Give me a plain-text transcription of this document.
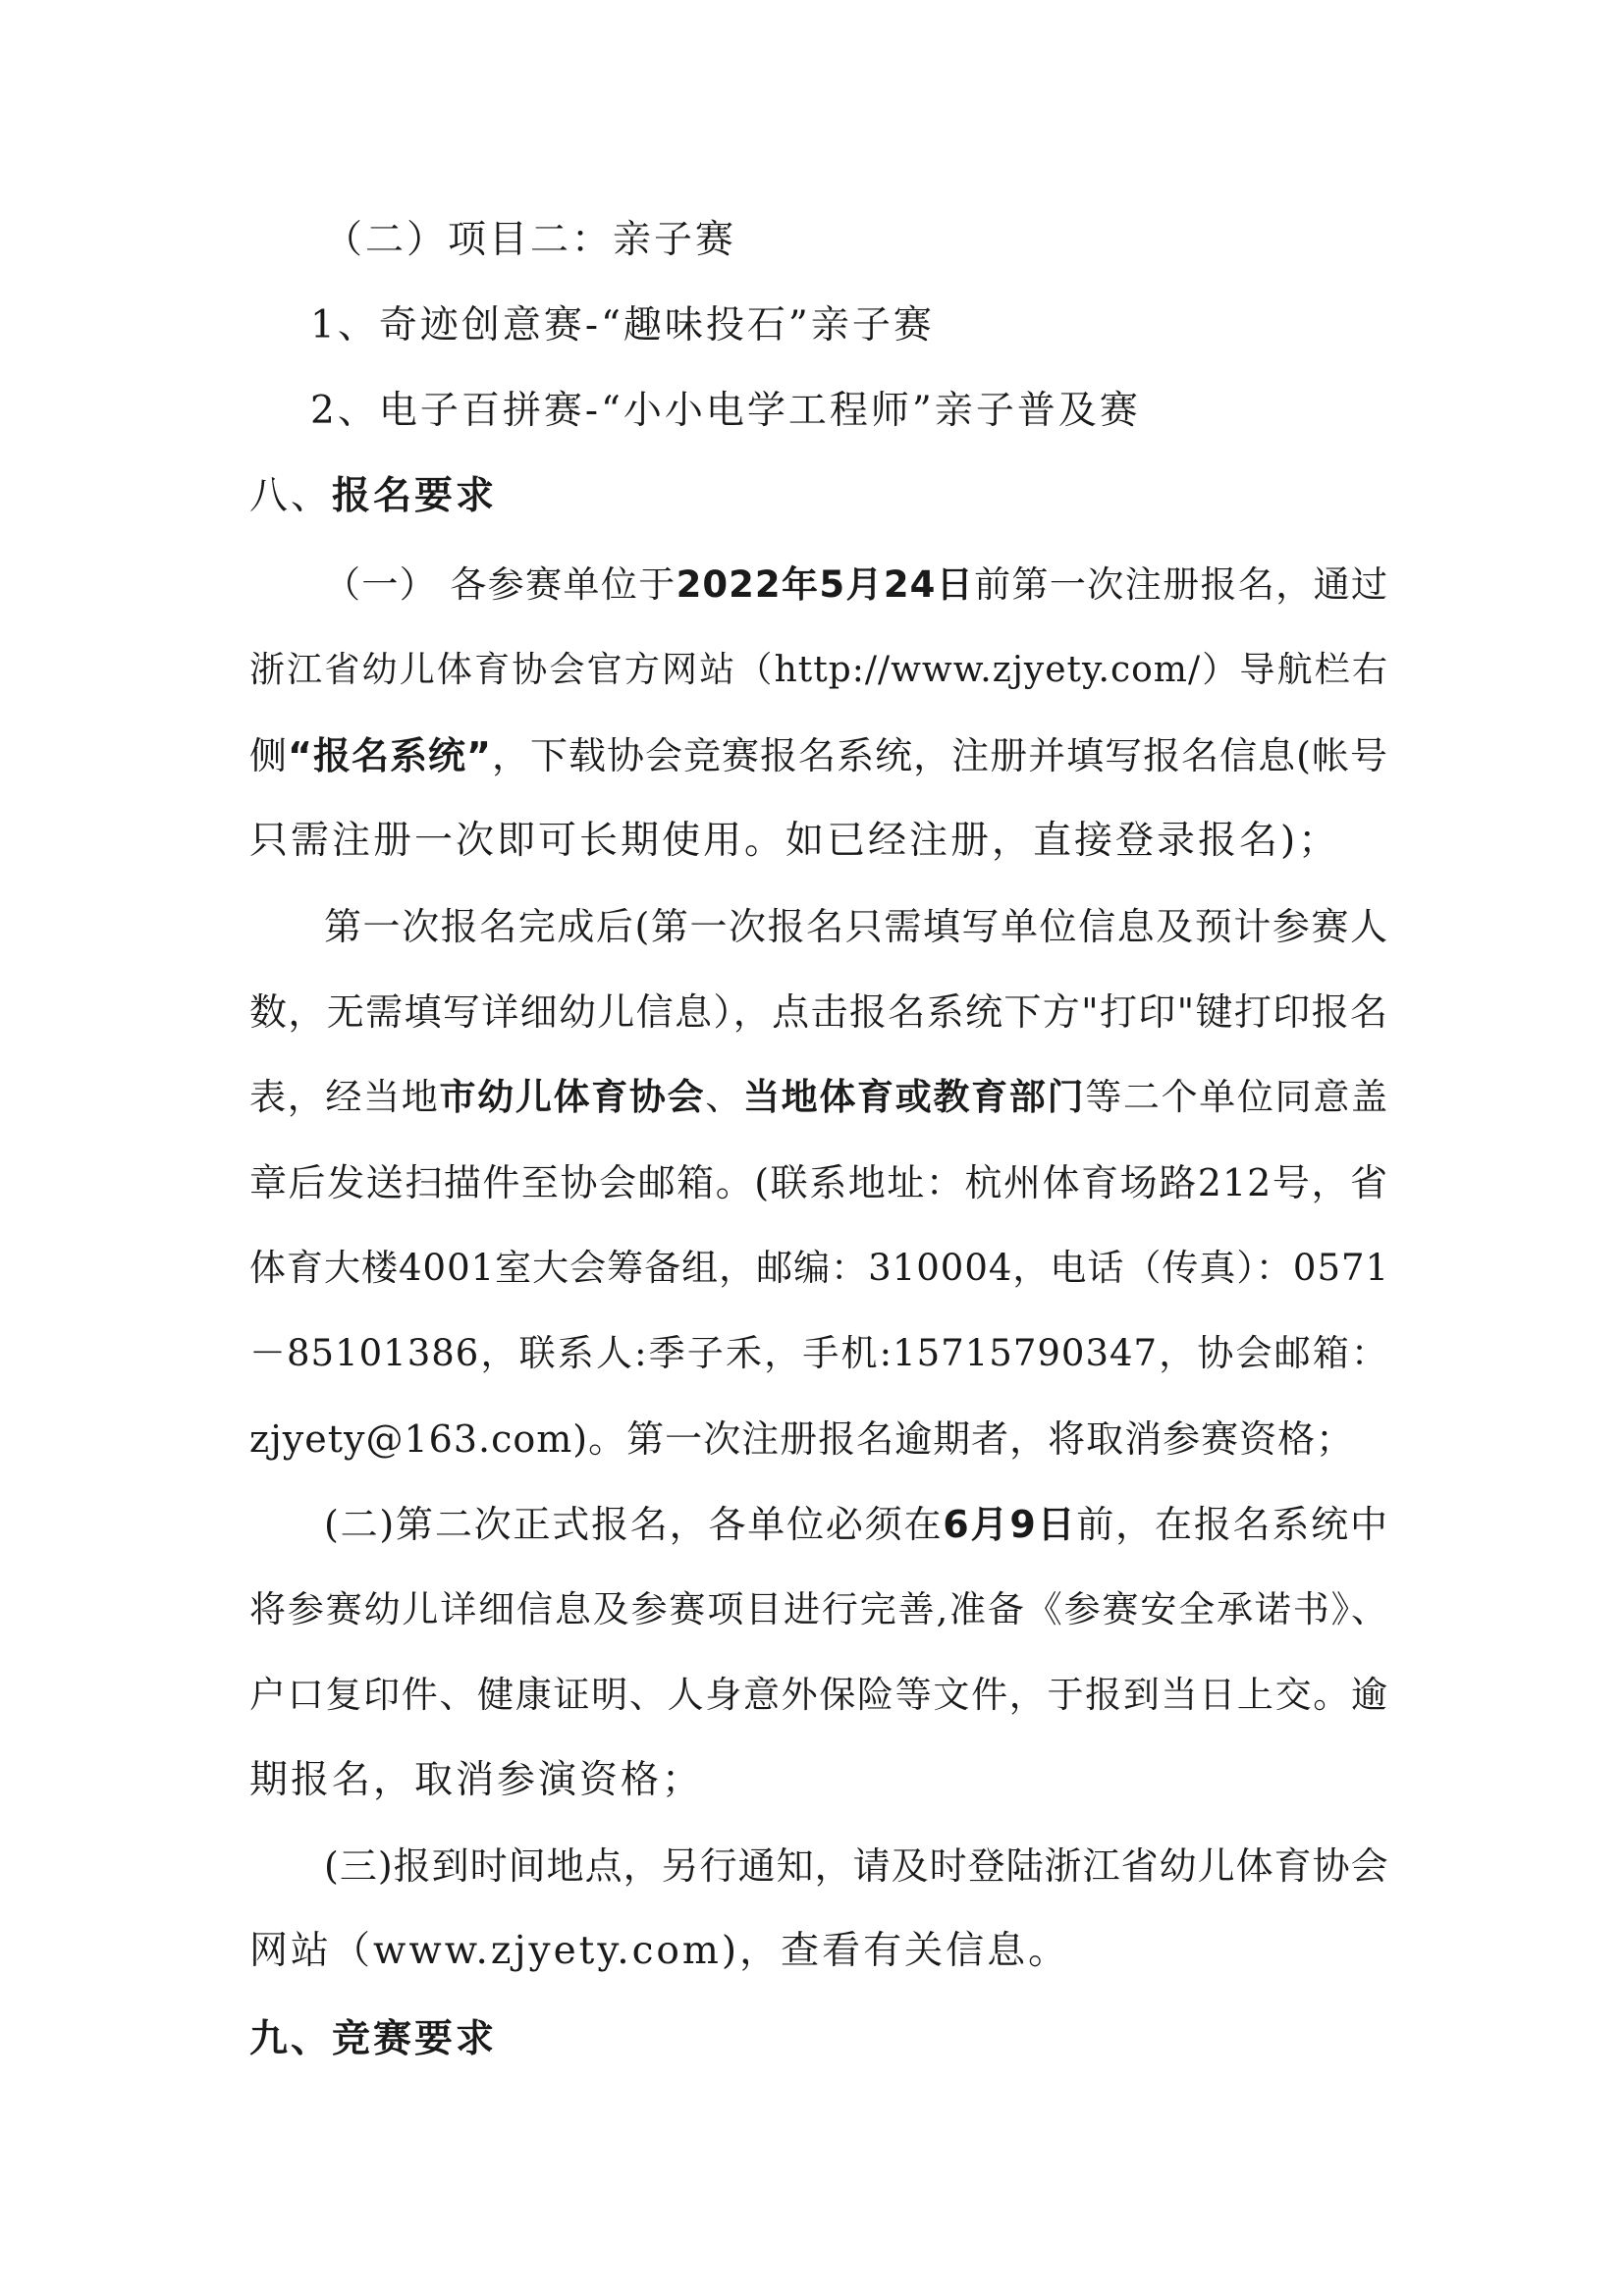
（二）项目二：亲子赛
1、奇迹创意赛-“趣味投石”亲子赛
2、电子百拼赛-“小小电学工程师”亲子普及赛
八、报名要求
（一） 各参赛单位于2022年5月24日前第一次注册报名，通过
浙江省幼儿体育协会官方网站（http://www.zjyety.com/）导航栏右
侧“报名系统”，下载协会竞赛报名系统，注册并填写报名信息(帐号
只需注册一次即可长期使用。如已经注册，直接登录报名)；
第一次报名完成后(第一次报名只需填写单位信息及预计参赛人
数，无需填写详细幼儿信息），点击报名系统下方"打印"键打印报名
表，经当地市幼儿体育协会、当地体育或教育部门等二个单位同意盖
章后发送扫描件至协会邮箱。(联系地址：杭州体育场路212号，省
体育大楼4001室大会筹备组，邮编：310004，电话（传真）：0571
－85101386，联系人:季子禾，手机:15715790347，协会邮箱：
zjyety@163.com)。第一次注册报名逾期者，将取消参赛资格；
(二)第二次正式报名，各单位必须在6月9日前，在报名系统中
将参赛幼儿详细信息及参赛项目进行完善,准备《参赛安全承诺书》、
户口复印件、健康证明、人身意外保险等文件，于报到当日上交。逾
期报名，取消参演资格；
(三)报到时间地点，另行通知，请及时登陆浙江省幼儿体育协会
网站（www.zjyety.com)，查看有关信息。
九、竞赛要求
